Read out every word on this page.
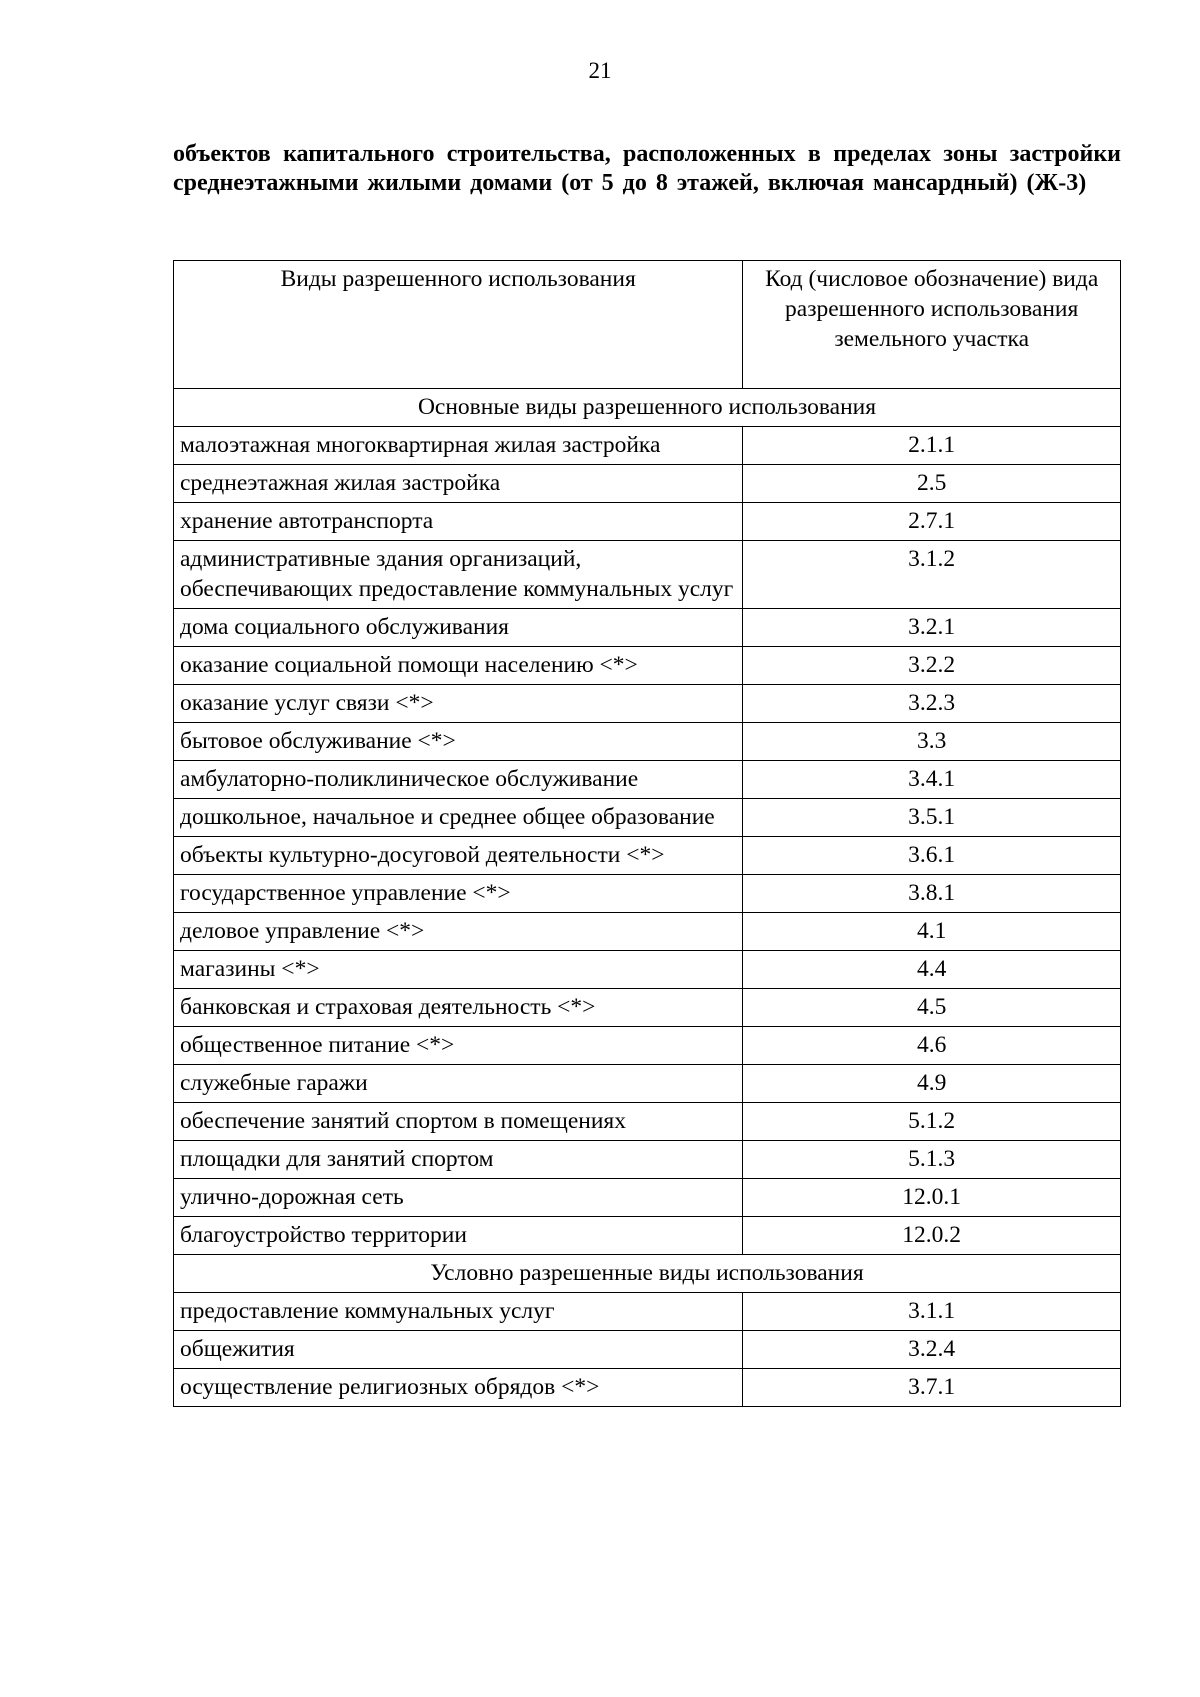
21
объектов капитального строительства, расположенных в пределах зоны застройки среднеэтажными жилыми домами (от 5 до 8 этажей, включая мансардный) (Ж-3)
Виды разрешенного использования	Код (числовое обозначение) вида разрешенного использования земельного участка
Основные виды разрешенного использования	
малоэтажная многоквартирная жилая застройка	2.1.1
среднеэтажная жилая застройка	2.5
хранение автотранспорта	2.7.1
административные здания организаций, обеспечивающих предоставление коммунальных услуг	3.1.2
дома социального обслуживания	3.2.1
оказание социальной помощи населению <*>	3.2.2
оказание услуг связи <*>	3.2.3
бытовое обслуживание <*>	3.3
амбулаторно-поликлиническое обслуживание	3.4.1
дошкольное, начальное и среднее общее образование	3.5.1
объекты культурно-досуговой деятельности <*>	3.6.1
государственное управление <*>	3.8.1
деловое управление <*>	4.1
магазины <*>	4.4
банковская и страховая деятельность <*>	4.5
общественное питание <*>	4.6
служебные гаражи	4.9
обеспечение занятий спортом в помещениях	5.1.2
площадки для занятий спортом	5.1.3
улично-дорожная сеть	12.0.1
благоустройство территории	12.0.2
Условно разрешенные виды использования	
предоставление коммунальных услуг	3.1.1
общежития	3.2.4
осуществление религиозных обрядов <*>	3.7.1
